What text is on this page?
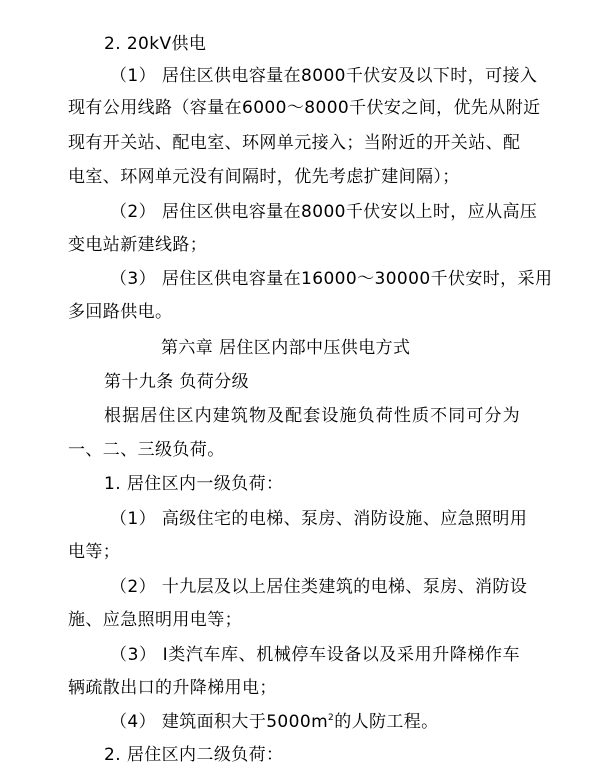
2. 20kV供电
（1） 居住区供电容量在8000千伏安及以下时，可接入
现有公用线路（容量在6000～8000千伏安之间，优先从附近
现有开关站、配电室、环网单元接入；当附近的开关站、配
电室、环网单元没有间隔时，优先考虑扩建间隔）；
（2） 居住区供电容量在8000千伏安以上时，应从高压
变电站新建线路；
（3） 居住区供电容量在16000～30000千伏安时，采用
多回路供电。
第六章 居住区内部中压供电方式
第十九条 负荷分级
根据居住区内建筑物及配套设施负荷性质不同可分为
一、二、三级负荷。
1. 居住区内一级负荷：
（1） 高级住宅的电梯、泵房、消防设施、应急照明用
电等；
（2） 十九层及以上居住类建筑的电梯、泵房、消防设
施、应急照明用电等；
（3） Ⅰ类汽车库、机械停车设备以及采用升降梯作车
辆疏散出口的升降梯用电；
（4） 建筑面积大于$5000m^2$的人防工程。
2. 居住区内二级负荷：
